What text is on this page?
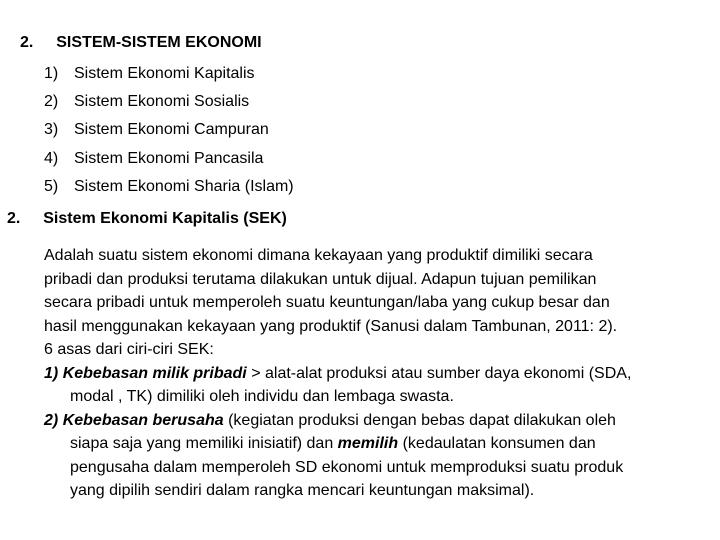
2. SISTEM-SISTEM EKONOMI
1) Sistem Ekonomi Kapitalis
2) Sistem Ekonomi Sosialis
3) Sistem Ekonomi Campuran
4) Sistem Ekonomi Pancasila
5) Sistem Ekonomi Sharia (Islam)
2. Sistem Ekonomi Kapitalis (SEK)
Adalah suatu sistem ekonomi dimana kekayaan yang produktif dimiliki secara
pribadi dan produksi terutama dilakukan untuk dijual. Adapun tujuan pemilikan
secara pribadi untuk memperoleh suatu keuntungan/laba yang cukup besar dan
hasil menggunakan kekayaan yang produktif (Sanusi dalam Tambunan, 2011: 2).
6 asas dari ciri-ciri SEK:
1) Kebebasan milik pribadi > alat-alat produksi atau sumber daya ekonomi (SDA,
modal , TK) dimiliki oleh individu dan lembaga swasta.
2) Kebebasan berusaha (kegiatan produksi dengan bebas dapat dilakukan oleh
siapa saja yang memiliki inisiatif) dan memilih (kedaulatan konsumen dan
pengusaha dalam memperoleh SD ekonomi untuk memproduksi suatu produk
yang dipilih sendiri dalam rangka mencari keuntungan maksimal).
